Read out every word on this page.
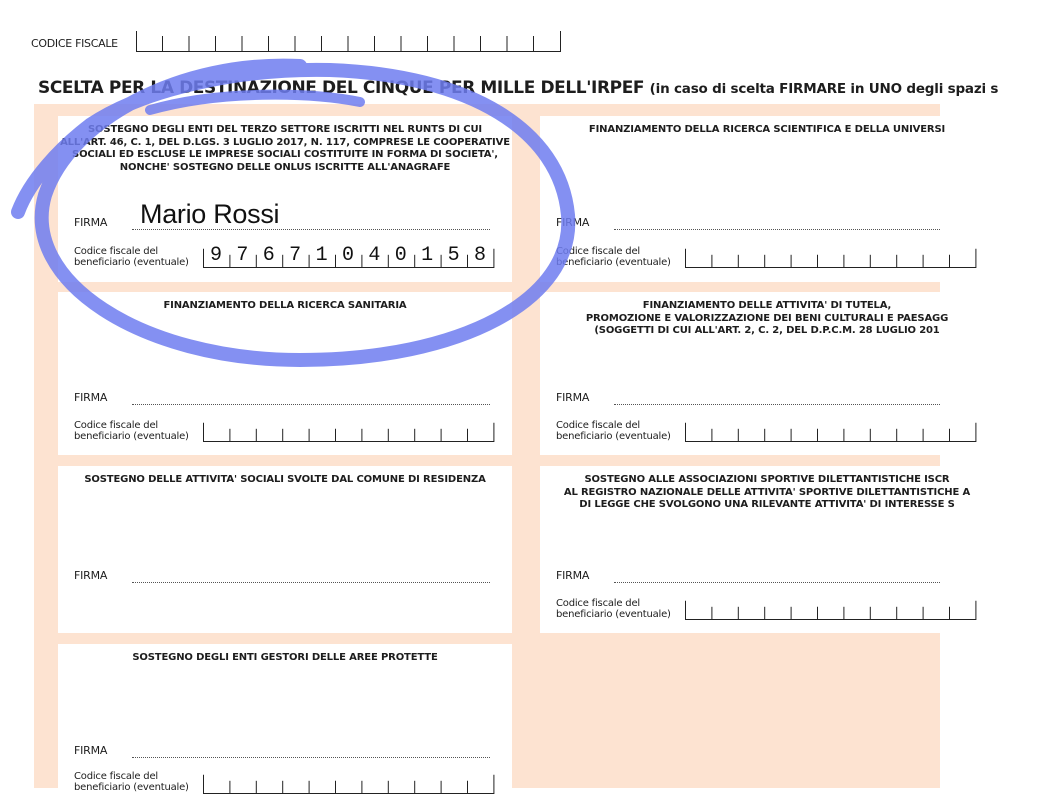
CODICE FISCALE
SCELTA PER LA DESTINAZIONE DEL CINQUE PER MILLE DELL'IRPEF (in caso di scelta FIRMARE in UNO degli spazi s
SOSTEGNO DEGLI ENTI DEL TERZO SETTORE ISCRITTI NEL RUNTS DI CUI
ALL'ART. 46, C. 1, DEL D.LGS. 3 LUGLIO 2017, N. 117, COMPRESE LE COOPERATIVE
SOCIALI ED ESCLUSE LE IMPRESE SOCIALI COSTITUITE IN FORMA DI SOCIETA',
NONCHE' SOSTEGNO DELLE ONLUS ISCRITTE ALL'ANAGRAFE
Mario Rossi
FIRMA
Codice fiscale del
beneficiario (eventuale)	9 7 6 7 1 0 4 0 1 5 8
FINANZIAMENTO DELLA RICERCA SCIENTIFICA E DELLA UNIVERSI
FIRMA
Codice fiscale del
beneficiario (eventuale)
FINANZIAMENTO DELLA RICERCA SANITARIA
FIRMA
Codice fiscale del
beneficiario (eventuale)
FINANZIAMENTO DELLE ATTIVITA' DI TUTELA,
PROMOZIONE E VALORIZZAZIONE DEI BENI CULTURALI E PAESAGG
(SOGGETTI DI CUI ALL'ART. 2, C. 2, DEL D.P.C.M. 28 LUGLIO 201
FIRMA
Codice fiscale del
beneficiario (eventuale)
SOSTEGNO DELLE ATTIVITA' SOCIALI SVOLTE DAL COMUNE DI RESIDENZA
FIRMA
SOSTEGNO ALLE ASSOCIAZIONI SPORTIVE DILETTANTISTICHE ISCR
AL REGISTRO NAZIONALE DELLE ATTIVITA' SPORTIVE DILETTANTISTICHE A
DI LEGGE CHE SVOLGONO UNA RILEVANTE ATTIVITA' DI INTERESSE S
FIRMA
Codice fiscale del
beneficiario (eventuale)
SOSTEGNO DEGLI ENTI GESTORI DELLE AREE PROTETTE
FIRMA
Codice fiscale del
beneficiario (eventuale)
